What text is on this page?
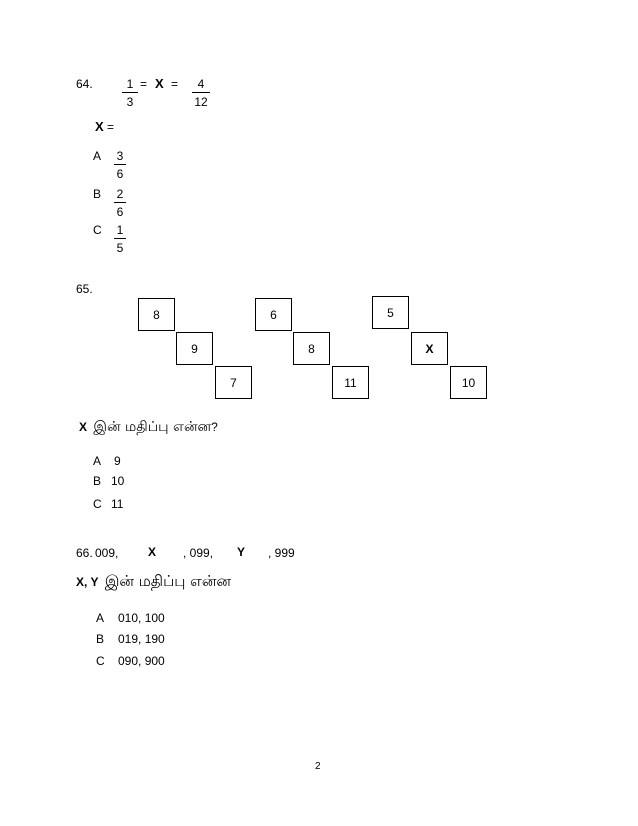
64. $\frac{1}{3} = X = \frac{4}{12}$
X =
A $\frac{3}{6}$
B $\frac{2}{6}$
C $\frac{1}{5}$
65.
8
9
7
6
8
11
5
X
10
X இன் மதிப்பு என்ன?
A 9
B 10
C 11
66. 009, X , 099, Y , 999
X, Y இன் மதிப்பு என்ன
A 010, 100
B 019, 190
C 090, 900
2
